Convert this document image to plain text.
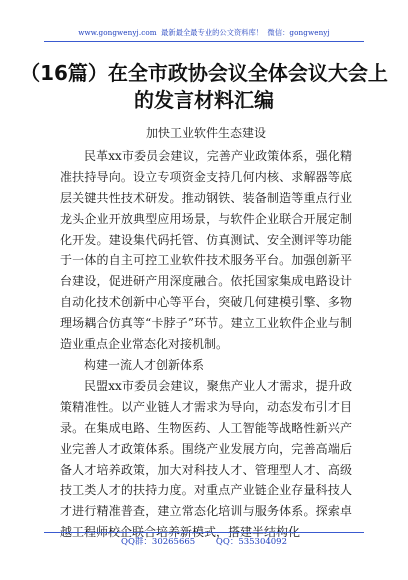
www.gongwenyj.com 最新最全最专业的公文资料库！ 微信：gongwenyj
（16篇）在全市政协会议全体会议大会上的发言材料汇编

加快工业软件生态建设

民革xx市委员会建议，完善产业政策体系，强化精准扶持导向。设立专项资金支持几何内核、求解器等底层关键共性技术研发。推动钢铁、装备制造等重点行业龙头企业开放典型应用场景，与软件企业联合开展定制化开发。建设集代码托管、仿真测试、安全测评等功能于一体的自主可控工业软件技术服务平台。加强创新平台建设，促进研产用深度融合。依托国家集成电路设计自动化技术创新中心等平台，突破几何建模引擎、多物理场耦合仿真等“卡脖子”环节。建立工业软件企业与制造业重点企业常态化对接机制。

构建一流人才创新体系

民盟xx市委员会建议，聚焦产业人才需求，提升政策精准性。以产业链人才需求为导向，动态发布引才目录。在集成电路、生物医药、人工智能等战略性新兴产业完善人才政策体系。围绕产业发展方向，完善高端后备人才培养政策，加大对科技人才、管理型人才、高级技工类人才的扶持力度。对重点产业链企业存量科技人才进行精准普查，建立常态化培训与服务体系。探索卓越工程师校企联合培养新模式，搭建半结构化

QQ群：30265665 QQ：535304092
